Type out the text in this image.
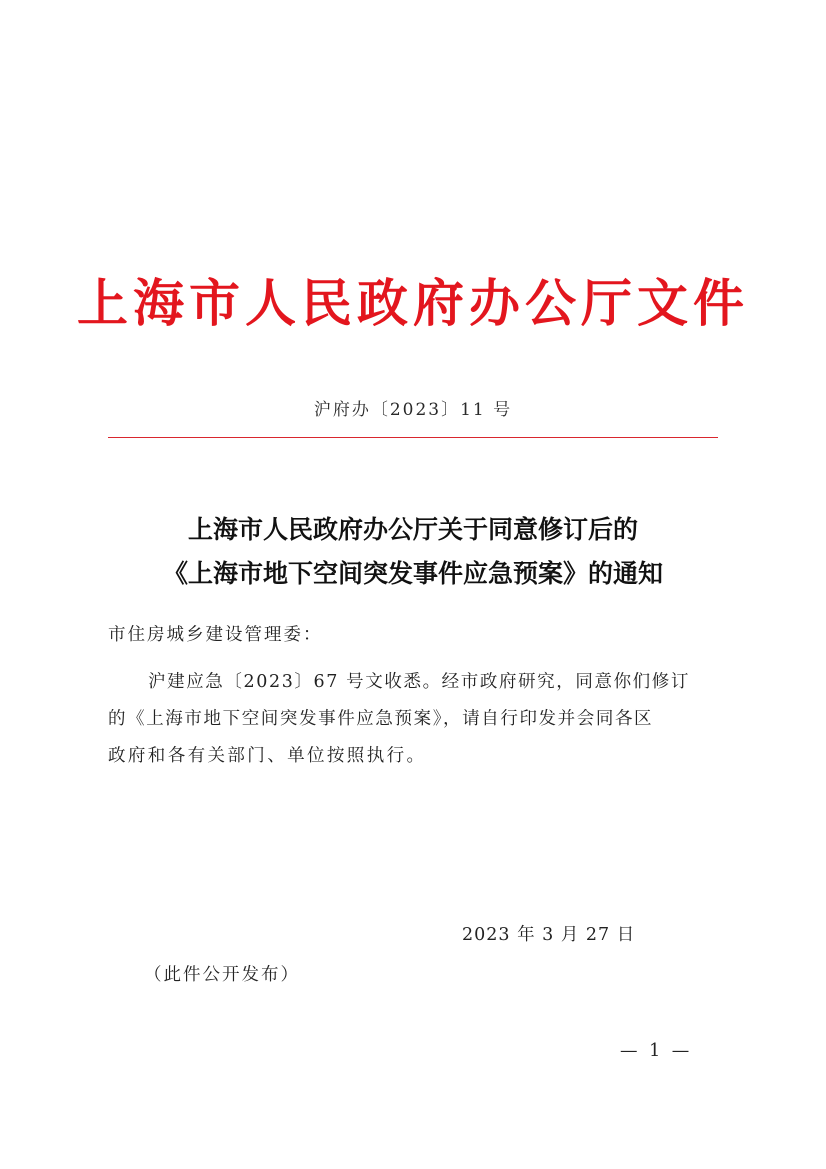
上海市人民政府办公厅文件
沪府办〔2023〕11 号
上海市人民政府办公厅关于同意修订后的
《上海市地下空间突发事件应急预案》的通知
市住房城乡建设管理委：
沪建应急〔2023〕67 号文收悉。经市政府研究，同意你们修订
的《上海市地下空间突发事件应急预案》，请自行印发并会同各区
政府和各有关部门、单位按照执行。
2023 年 3 月 27 日
（此件公开发布）
— 1 —
